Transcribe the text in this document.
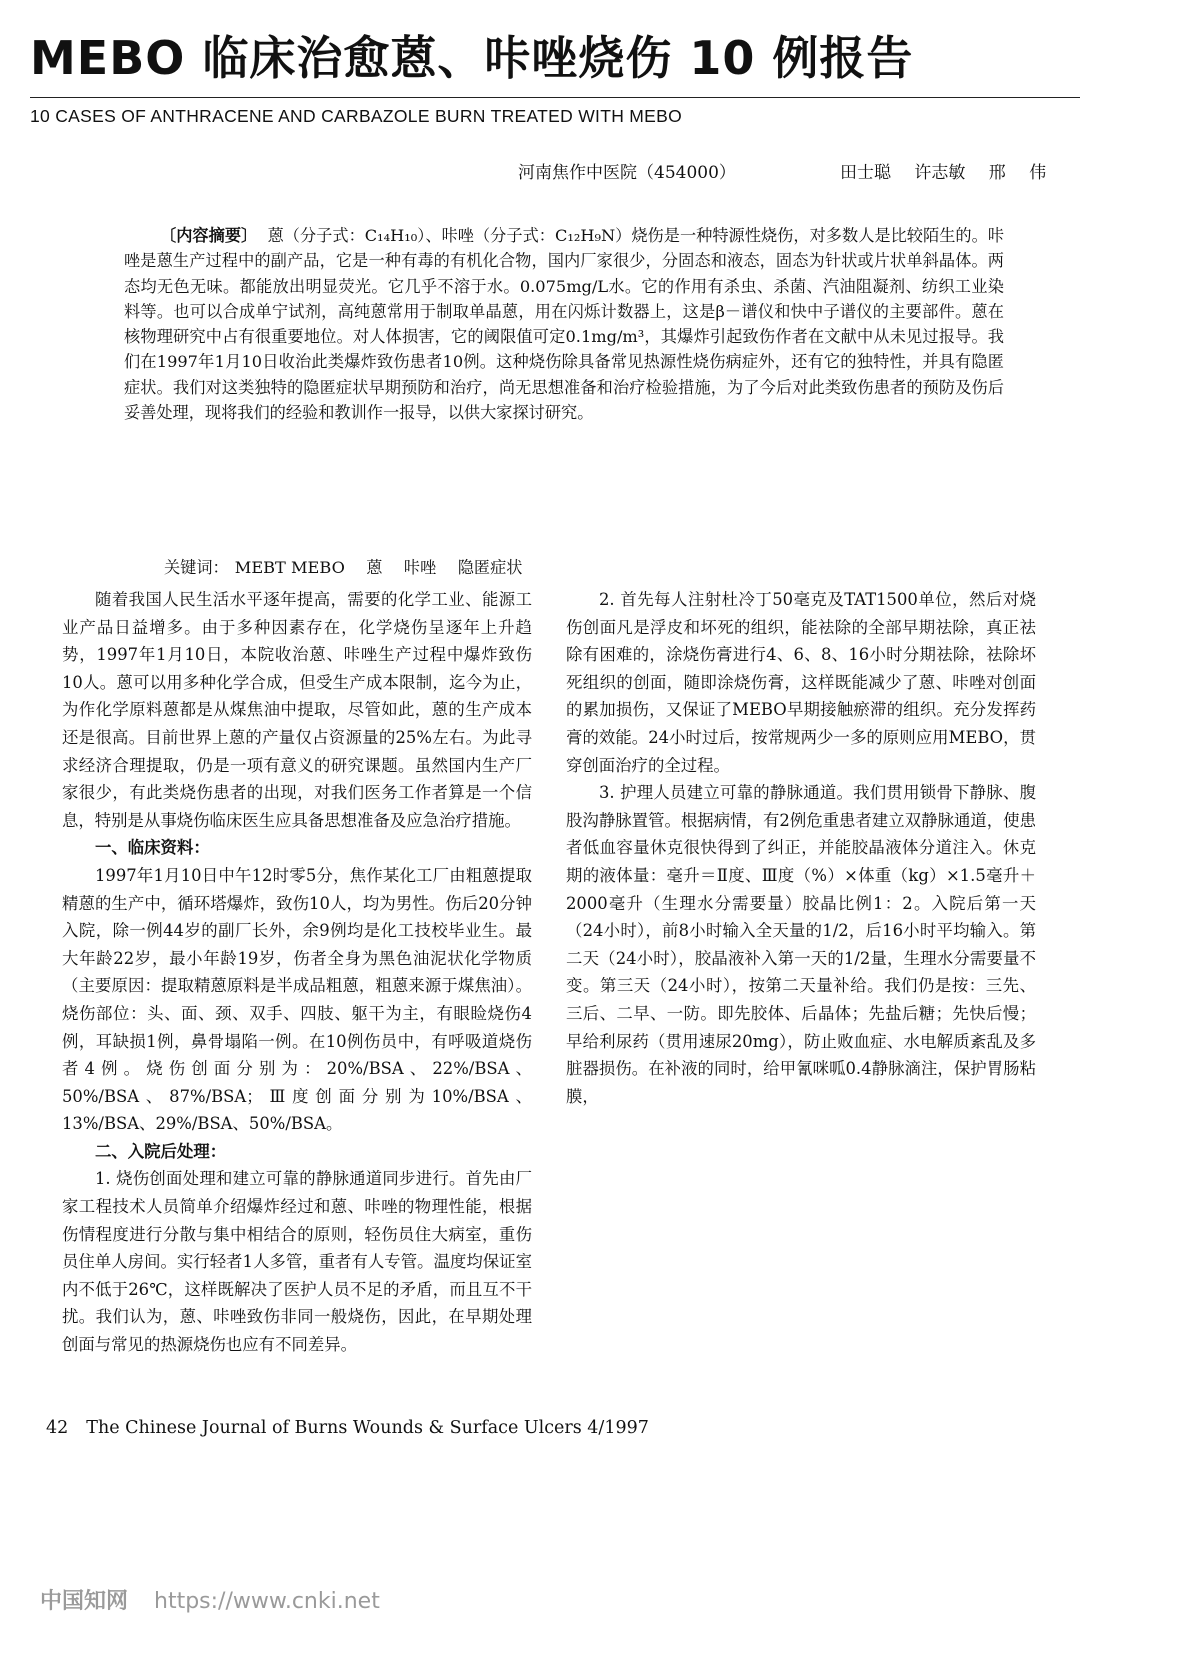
MEBO 临床治愈蒽、咔唑烧伤 10 例报告
10 CASES OF ANTHRACENE AND CARBAZOLE BURN TREATED WITH MEBO
河南焦作中医院（454000）	田士聪 许志敏 邢 伟

〔内容摘要〕 蒽（分子式：C₁₄H₁₀）、咔唑（分子式：C₁₂H₉N）烧伤是一种特源性烧伤，对多数人是比较陌生的。咔唑是蒽生产过程中的副产品，它是一种有毒的有机化合物，国内厂家很少，分固态和液态，固态为针状或片状单斜晶体。两态均无色无味。都能放出明显荧光。它几乎不溶于水。0.075mg/L水。它的作用有杀虫、杀菌、汽油阻凝剂、纺织工业染料等。也可以合成单宁试剂，高纯蒽常用于制取单晶蒽，用在闪烁计数器上，这是β－谱仪和快中子谱仪的主要部件。蒽在核物理研究中占有很重要地位。对人体损害，它的阈限值可定0.1mg/m³，其爆炸引起致伤作者在文献中从未见过报导。我们在1997年1月10日收治此类爆炸致伤患者10例。这种烧伤除具备常见热源性烧伤病症外，还有它的独特性，并具有隐匿症状。我们对这类独特的隐匿症状早期预防和治疗，尚无思想准备和治疗检验措施，为了今后对此类致伤患者的预防及伤后妥善处理，现将我们的经验和教训作一报导，以供大家探讨研究。

关键词： MEBT MEBO 蒽 咔唑 隐匿症状

随着我国人民生活水平逐年提高，需要的化学工业、能源工业产品日益增多。由于多种因素存在，化学烧伤呈逐年上升趋势，1997年1月10日，本院收治蒽、咔唑生产过程中爆炸致伤10人。蒽可以用多种化学合成，但受生产成本限制，迄今为止，为作化学原料蒽都是从煤焦油中提取，尽管如此，蒽的生产成本还是很高。目前世界上蒽的产量仅占资源量的25%左右。为此寻求经济合理提取，仍是一项有意义的研究课题。虽然国内生产厂家很少，有此类烧伤患者的出现，对我们医务工作者算是一个信息，特别是从事烧伤临床医生应具备思想准备及应急治疗措施。

一、临床资料：

1997年1月10日中午12时零5分，焦作某化工厂由粗蒽提取精蒽的生产中，循环塔爆炸，致伤10人，均为男性。伤后20分钟入院，除一例44岁的副厂长外，余9例均是化工技校毕业生。最大年龄22岁，最小年龄19岁，伤者全身为黑色油泥状化学物质（主要原因：提取精蒽原料是半成品粗蒽，粗蒽来源于煤焦油）。烧伤部位：头、面、颈、双手、四肢、躯干为主，有眼睑烧伤4例，耳缺损1例，鼻骨塌陷一例。在10例伤员中，有呼吸道烧伤者4例。烧伤创面分别为：20%/BSA、22%/BSA、50%/BSA、87%/BSA；Ⅲ度创面分别为10%/BSA、13%/BSA、29%/BSA、50%/BSA。

二、入院后处理：

1. 烧伤创面处理和建立可靠的静脉通道同步进行。首先由厂家工程技术人员简单介绍爆炸经过和蒽、咔唑的物理性能，根据伤情程度进行分散与集中相结合的原则，轻伤员住大病室，重伤员住单人房间。实行轻者1人多管，重者有人专管。温度均保证室内不低于26℃，这样既解决了医护人员不足的矛盾，而且互不干扰。我们认为，蒽、咔唑致伤非同一般烧伤，因此，在早期处理创面与常见的热源烧伤也应有不同差异。

2. 首先每人注射杜冷丁50毫克及TAT1500单位，然后对烧伤创面凡是浮皮和坏死的组织，能祛除的全部早期祛除，真正祛除有困难的，涂烧伤膏进行4、6、8、16小时分期祛除，祛除坏死组织的创面，随即涂烧伤膏，这样既能减少了蒽、咔唑对创面的累加损伤，又保证了MEBO早期接触瘀滞的组织。充分发挥药膏的效能。24小时过后，按常规两少一多的原则应用MEBO，贯穿创面治疗的全过程。

3. 护理人员建立可靠的静脉通道。我们贯用锁骨下静脉、腹股沟静脉置管。根据病情，有2例危重患者建立双静脉通道，使患者低血容量休克很快得到了纠正，并能胶晶液体分道注入。休克期的液体量：毫升＝Ⅱ度、Ⅲ度（%）×体重（kg）×1.5毫升＋2000毫升（生理水分需要量）胶晶比例1：2。入院后第一天（24小时），前8小时输入全天量的1/2，后16小时平均输入。第二天（24小时），胶晶液补入第一天的1/2量，生理水分需要量不变。第三天（24小时），按第二天量补给。我们仍是按：三先、三后、二早、一防。即先胶体、后晶体；先盐后糖；先快后慢；早给利尿药（贯用速尿20mg），防止败血症、水电解质紊乱及多脏器损伤。在补液的同时，给甲氰咪呱0.4静脉滴注，保护胃肠粘膜，

42 The Chinese Journal of Burns Wounds & Surface Ulcers 4/1997
中国知网 https://www.cnki.net
